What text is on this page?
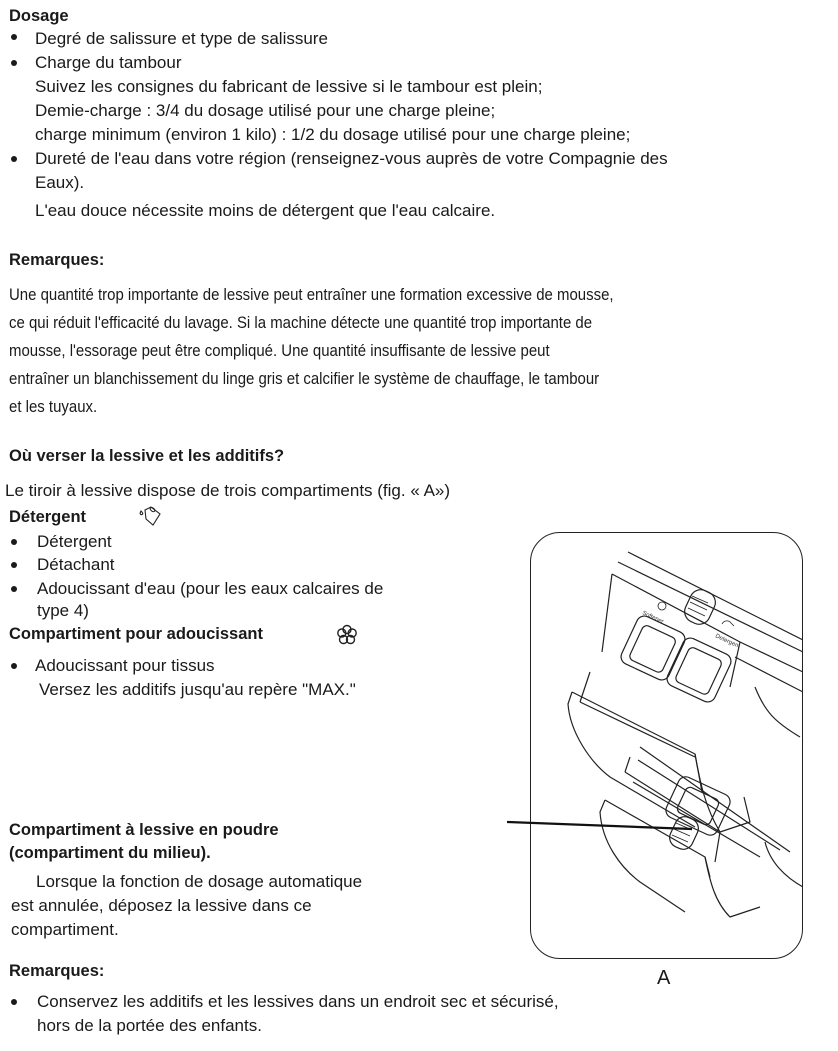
Dosage
Degré de salissure et type de salissure
Charge du tambour
Suivez les consignes du fabricant de lessive si le tambour est plein;
Demie-charge : 3/4 du dosage utilisé pour une charge pleine;
charge minimum (environ 1 kilo) : 1/2 du dosage utilisé pour une charge pleine;
Dureté de l'eau dans votre région (renseignez-vous auprès de votre Compagnie des
Eaux).
L'eau douce nécessite moins de détergent que l'eau calcaire.
Remarques:
Une quantité trop importante de lessive peut entraîner une formation excessive de mousse,
ce qui réduit l'efficacité du lavage. Si la machine détecte une quantité trop importante de
mousse, l'essorage peut être compliqué. Une quantité insuffisante de lessive peut
entraîner un blanchissement du linge gris et calcifier le système de chauffage, le tambour
et les tuyaux.
Où verser la lessive et les additifs?
Le tiroir à lessive dispose de trois compartiments (fig. « A»)
Détergent
Détergent
Détachant
Adoucissant d'eau (pour les eaux calcaires de
type 4)
Compartiment pour adoucissant
Adoucissant pour tissus
Versez les additifs jusqu'au repère "MAX."
Compartiment à lessive en poudre
(compartiment du milieu).
Lorsque la fonction de dosage automatique
est annulée, déposez la lessive dans ce
compartiment.
Remarques:
Conservez les additifs et les lessives dans un endroit sec et sécurisé,
hors de la portée des enfants.
Softener
Detergent
A
